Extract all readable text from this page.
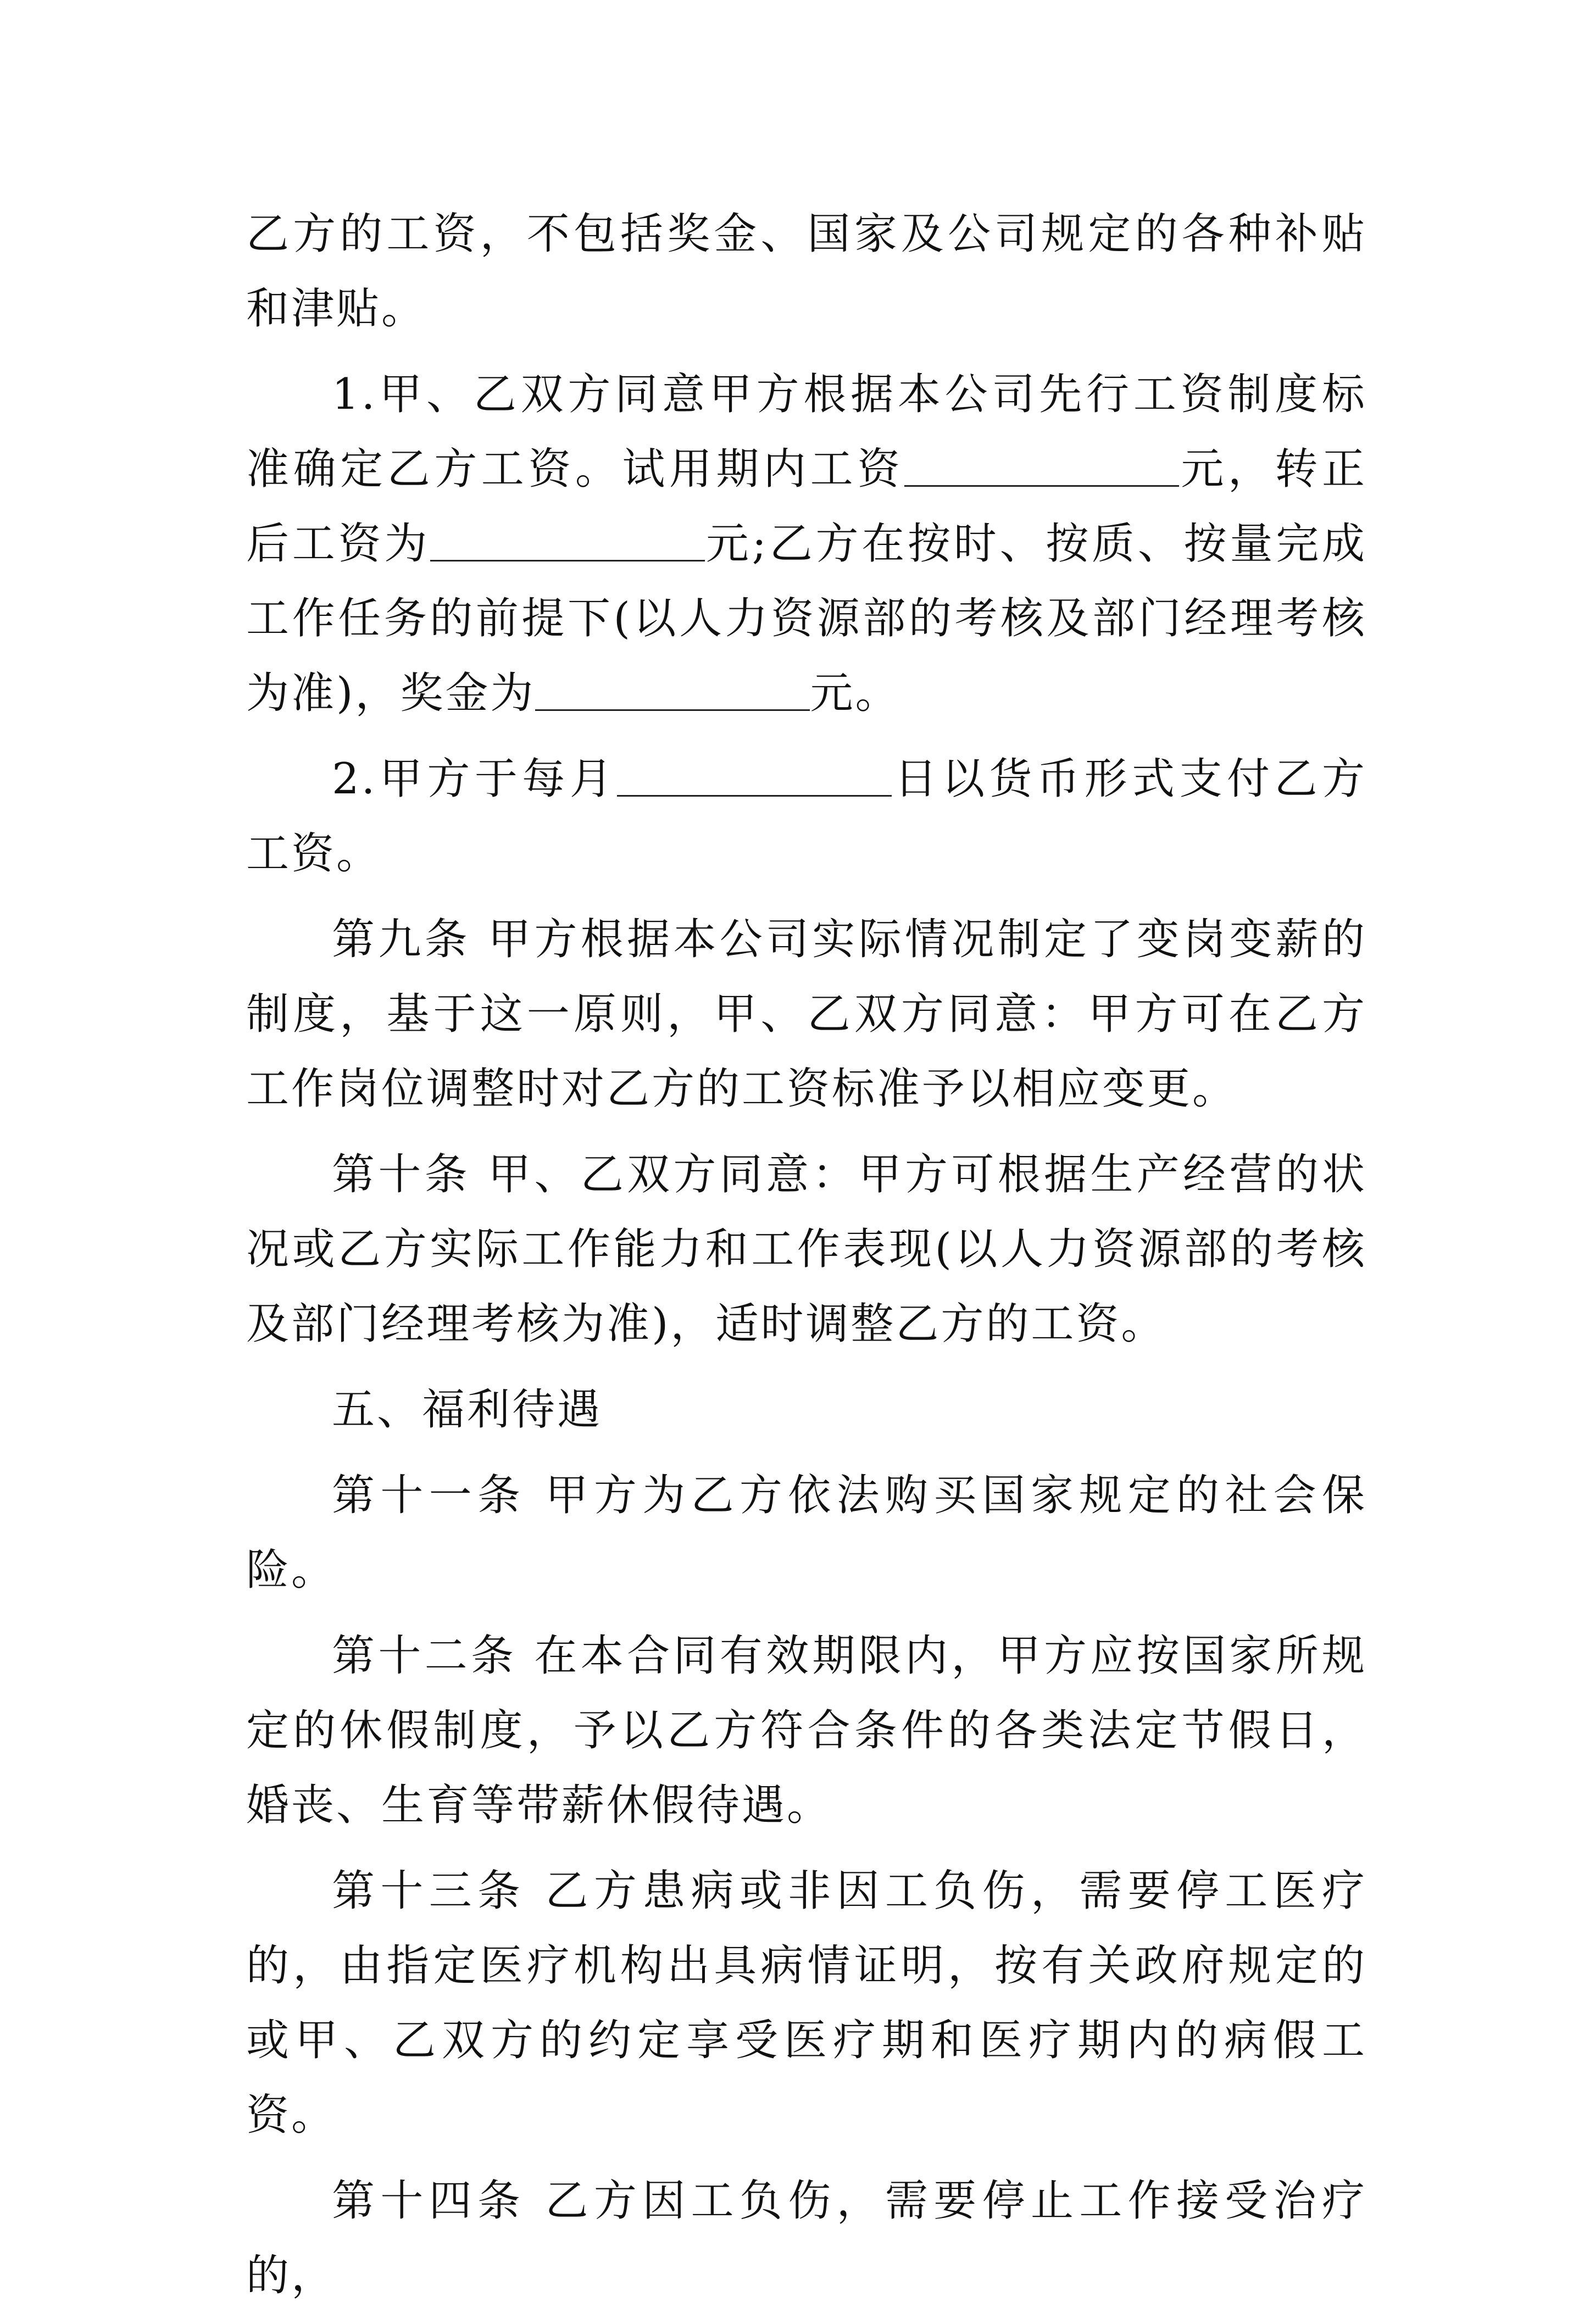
乙方的工资，不包括奖金、国家及公司规定的各种补贴和津贴。

1.甲、乙双方同意甲方根据本公司先行工资制度标准确定乙方工资。试用期内工资	元，转正后工资为	元;乙方在按时、按质、按量完成工作任务的前提下(以人力资源部的考核及部门经理考核为准)，奖金为	元。

2.甲方于每月	日以货币形式支付乙方工资。

第九条 甲方根据本公司实际情况制定了变岗变薪的制度，基于这一原则，甲、乙双方同意：甲方可在乙方工作岗位调整时对乙方的工资标准予以相应变更。

第十条 甲、乙双方同意：甲方可根据生产经营的状况或乙方实际工作能力和工作表现(以人力资源部的考核及部门经理考核为准)，适时调整乙方的工资。

五、福利待遇

第十一条 甲方为乙方依法购买国家规定的社会保险。

第十二条 在本合同有效期限内，甲方应按国家所规定的休假制度，予以乙方符合条件的各类法定节假日，婚丧、生育等带薪休假待遇。

第十三条 乙方患病或非因工负伤，需要停工医疗的，由指定医疗机构出具病情证明，按有关政府规定的或甲、乙双方的约定享受医疗期和医疗期内的病假工资。

第十四条 乙方因工负伤，需要停止工作接受治疗的，
